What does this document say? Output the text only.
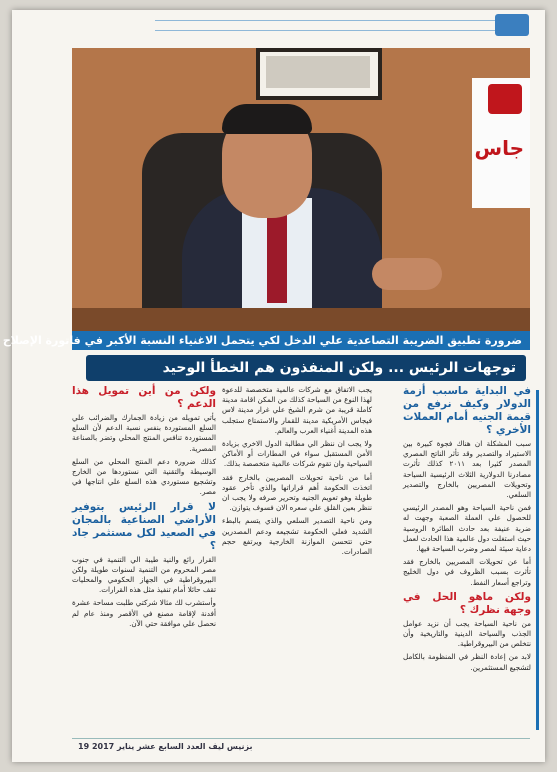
جاس
ضرورة تطبيق الضريبة التصاعدية علي الدخل لكي يتحمل الاغنياء النسبة الأكبر في فاتورة الإصلاح
توجهات الرئيس ... ولكن المنفذون هم الخطأ الوحيد
في البداية ماسبب أزمة الدولار وكيف نرفع من قيمة الجنيه أمام العملات الأخري ؟

سبب المشكلة ان هناك فجوة كبيرة بين الاستيراد والتصدير وقد تأثر الناتج المصري المصدر كثيرا بعد ٢٠١١ كذلك تأثرت مصادرنا الدولارية الثلاث الرئيسية السياحة وتحويلات المصريين بالخارج والتصدير السلعي.

فمن ناحية السياحة وهو المصدر الرئيسي للحصول علي العملة الصعبة وجهت له ضربة عنيفة بعد حادث الطائرة الروسية حيث استغلت دول عالمية هذا الحادث لعمل دعاية سيئة لمصر وضرب السياحة فيها.

أما عن تحويلات المصريين بالخارج فقد تأثرت بسبب الظروف في دول الخليج وتراجع أسعار النفط.

ولكن ماهو الحل في وجهة نظرك ؟

من ناحية السياحة يجب أن نزيد عوامل الجذب والسياحة الدينية والتاريخية وأن نتخلص من البيروقراطية.

لابد من إعادة النظر في المنظومة بالكامل لتشجيع المستثمرين.

يجب الاتفاق مع شركات عالمية متخصصة للدعوة لهذا النوع من السياحة كذلك من المكن اقامة مدينة كاملة قريبة من شرم الشيخ علي غرار مدينة لاس فيجاس الأمريكية مدينة للقمار والاستمتاع ستجلب هذه المدينة أغنياء العرب والعالم.

ولا يجب ان ننظر الي مطالبة الدول الاخري بزيادة الأمن المستقبل سواء في المطارات أو الأماكن السياحية وان تقوم شركات عالمية متخصصة بذلك.

أما من ناحية تحويلات المصريين بالخارج فقد اتخذت الحكومة أهم قراراتها والذي تأخر عقود طويلة وهو تعويم الجنيه وتحرير صرفه ولا يجب ان ننظر بعين القلق علي سعره الان فسوف يتوازن.

ومن ناحية التصدير السلعي والذي يتسم بالبطء الشديد فعلي الحكومة تشجيعه ودعم المصدرين حتي تتحسن الموازنة الخارجية ويرتفع حجم الصادرات.

ولكن من أين تمويل هذا الدعم ؟

يأتي تمويله من زيادة الجمارك والضرائب علي السلع المستوردة بنفس نسبة الدعم لأن السلع المستوردة تنافس المنتج المحلي وتضر بالصناعة المصرية.

كذلك ضرورة دعم المنتج المحلي من السلع الوسيطة والتقنية التي نستوردها من الخارج وتشجيع مستوردي هذه السلع علي انتاجها في مصر.

لا قرار الرئيس بتوفير الأراضي الصناعية بالمجان في الصعيد لكل مستثمر جاد ؟

القرار رائع والنية طيبة الي التنمية في جنوب مصر المحروم من التنمية لسنوات طويلة ولكن البيروقراطية في الجهاز الحكومي والمحليات تقف حائلا أمام تنفيذ مثل هذه القرارات.

وأستشرب لك مثالا شركتي طلبت مساحة عشرة أفدنة لإقامة مصنع في الأقصر ومنذ عام لم نحصل علي موافقة حتي الآن.

بزنيس ليف العدد السابع عشر يناير 2017 19
